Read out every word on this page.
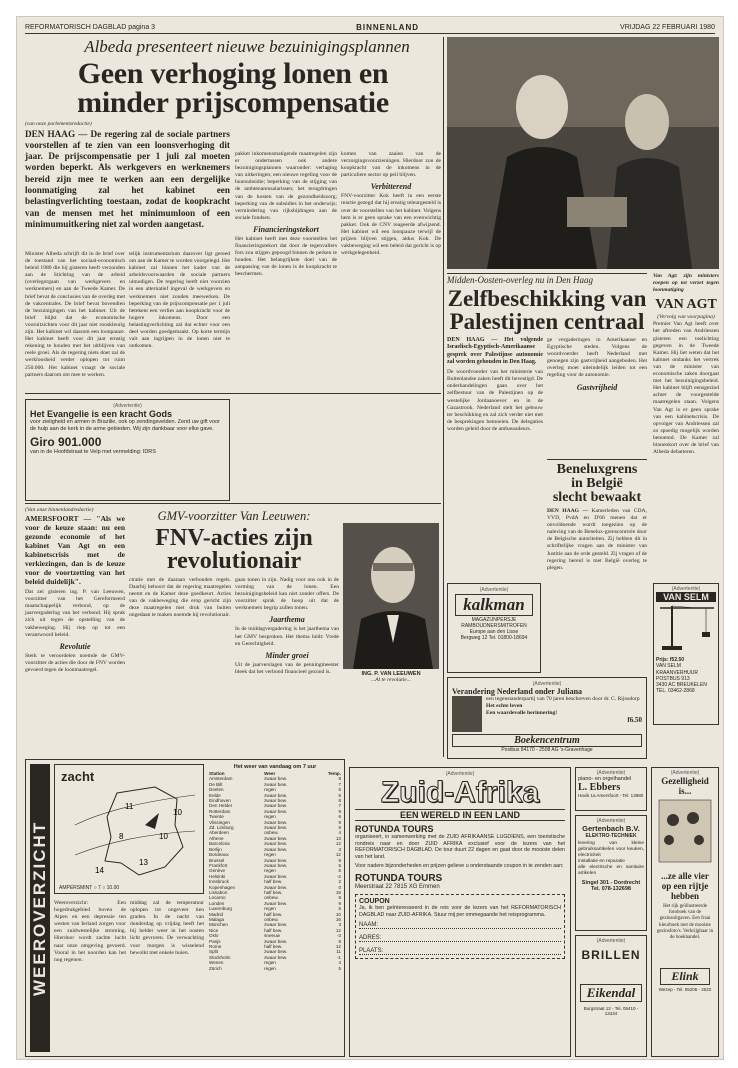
REFORMATORISCH DAGBLAD pagina 3	BINNENLAND	VRIJDAG 22 FEBRUARI 1980
Albeda presenteert nieuwe bezuinigingsplannen
Geen verhoging lonen en
minder prijscompensatie
(van onze parlementsredactie)
DEN HAAG — De regering zal de sociale partners voorstellen af te zien van een loonsverhoging dit jaar. De prijscompensatie per 1 juli zal moeten worden beperkt. Als werkgevers en werknemers bereid zijn mee te werken aan een dergelijke loonmatiging zal het kabinet een belastingverlichting toestaan, zodat de koopkracht van de mensen met het minimumloon of een minimumuitkering niet zal worden aangetast.
Minister Albeda schrijft dit in de brief over de toestand van het sociaal-economisch beleid 1980 die hij gisteren heeft verzonden aan de Stichting van de arbeid (overlegorgaan van werkgevers en werknemers) en aan de Tweede Kamer. De brief bevat de conclusies van de overleg met de vakcentrales. De brief bevat bovendien de bezuinigingen van het kabinet. Uit de brief blijkt dat de economische vooruitzichten voor dit jaar niet rooskleurig zijn. Het kabinet wil daarom een loonpauze. Het kabinet heeft voor dit jaar ernstig rekening te houden met het uitblijven van reele groei. Als de regering niets doet zal de werkloosheid verder oplopen tot ruim 250.000. Het kabinet vraagt de sociale partners daarom om mee te werken.
telijk instrumentarium daarover ligt gereed om aan de Kamer te worden voorgelegd. Het kabinet zal binnen het kader van de arbeidsvoorwaarden de sociale partners uitnodigen. De regering heeft niet voorzien in een alternatief ingeval de werkgevers en werknemers niet zouden meewerken. De beperking van de prijscompensatie per 1 juli betekent een verlies aan koopkracht voor de hogere inkomens. Door een belastingverlichting zal dat echter voor een deel worden goedgemaakt. Op korte termijn valt aan ingrijpen in de lonen niet te ontkomen.
pakket inkomensmatigende maatregelen zijn er ondertussen ook andere bezuinigingsplannen waaronder: verlaging van uitkeringen; een nieuwe regeling voor de huursubsidie; beperking van de stijging van de ambtenarensalarissen; het terugdringen van de kosten van de gezondheidszorg; beperking van de subsidies in het onderwijs; vermindering van rijksbijdragen aan de sociale fondsen.
Financieringstekort
Het kabinet heeft met deze voorstellen het financieringstekort dat door de tegenvallers fors zou stijgen gepoogd binnen de perken te houden. Het belangrijkste doel van de aanpassing van de lonen is de koopkracht te beschermen.
komen van zaaien van de verzorgingsvoorzieningen. Hierdoor zou de koopkracht van de inkomens in de particuliere sector op peil blijven.
Verbitterend
FNV-voorzitter Kok heeft in een eerste reactie gezegd dat hij ernstig teleurgesteld is over de voorstellen van het kabinet. Volgens hem is er geen sprake van een evenwichtig pakket. Ook de CNV reageerde afwijzend. Het kabinet wil een loonpauze terwijl de prijzen blijven stijgen, aldus Kok. De vakbeweging wil een beleid dat gericht is op werkgelegenheid.
(Advertentie)
Het Evangelie is een kracht Gods
voor zieligheid en armen in Brazilie, ook op zendingsvelden. Zend uw gift voor de hulp aan de kerk in de arme gebieden. Wij zijn dankbaar voor elke gave.
Giro 901.000
van in de Hoofdstraat te Velp met vermelding: IDRS
Midden-Oosten-overleg nu in Den Haag
Zelfbeschikking van
Palestijnen centraal
DEN HAAG — Het volgende Israelisch-Egyptisch-Amerikaanse gesprek over Palestijnse autonomie zal worden gehouden in Den Haag.
De woordvoerder van het ministerie van Buitenlandse zaken heeft dit bevestigd. De onderhandelingen gaan over het zelfbestuur van de Palestijnen op de westelijke Jordaanoever en in de Gazastrook. Nederland stelt het gebouw ter beschikking en zal zich verder niet met de besprekingen bemoeien. De delegaties worden geleid door de ambassadeurs.
ge vergaderingen in Amerikaanse en Egyptische steden. Volgens de woordvoerder heeft Nederland met genoegen zijn gastvrijheid aangeboden. Het overleg moet uiteindelijk leiden tot een regeling voor de autonomie.
Gastvrijheid
Beneluxgrens
in België
slecht bewaakt
DEN HAAG — Kamerleden van CDA, VVD, PvdA en D'66 menen dat er onvoldoende wordt toegezien op de naleving van de Benelux-grenscontrole door de Belgische autoriteiten. Zij hebben dit in schriftelijke vragen aan de minister van Justitie aan de orde gesteld. Zij vragen of de regering bereid is met België overleg te plegen.
Van Agt: zijn ministers roepen op tot verzet tegen loonmatiging
VAN AGT
(Vervolg van voorpagina)
Premier Van Agt heeft over het aftreden van Andriessen gisteren een toelichting gegeven in de Tweede Kamer. Hij liet weten dat het kabinet ondanks het vertrek van de minister van economische zaken doorgaat met het bezuinigingsbeleid. Het kabinet blijft eensgezind achter de voorgestelde maatregelen staan. Volgens Van Agt is er geen sprake van een kabinetscrisis. De opvolger van Andriessen zal zo spoedig mogelijk worden benoemd. De Kamer zal binnenkort over de brief van Albeda debatteren.
(Van onze binnenlandredactie)
AMERSFOORT — "Als we voor de keuze staan: nu een gezonde economie of het kabinet Van Agt en een kabinetscrisis met de verkiezingen, dan is de keuze voor de voortzetting van het beleid duidelijk".
Dat zei gisteren ing. P. van Leeuwen, voorzitter van het Gereformeerd maatschappelijk verbond, op de jaarvergadering van het verbond. Hij sprak zich uit tegen de opstelling van de vakbeweging. Hij riep op tot een verantwoord beleid.
Revolutie
Sterk te veroordelen noemde de GMV-voorzitter de acties die door de FNV worden gevoerd tegen de loonmaatregel.
GMV-voorzitter Van Leeuwen:
FNV-acties zijn
revolutionair
ctratie met de daaraan verbonden regels. Daarbij behoort dat de regering maatregelen neemt en de Kamer deze goedkeurt. Acties van de vakbeweging die erop gericht zijn deze maatregelen met druk van buiten ongedaan te maken noemde hij revolutionair.
gaan tonen in zijn. Nadig voor ons ook in de vorming van de lonen. Een bezuinigingsbeleid kan niet zonder offers. De voorzitter sprak de hoop uit dat de werknemers begrip zullen tonen.
Jaarthema
In de middagvergadering is het jaarthema van het GMV besproken. Het thema luidt: Vrede en Gerechtigheid.
Minder groei
Uit de jaarverslagen van de penningmeester bleek dat het verbond financieel gezond is.	ING. P. VAN LEEUWEN
...Al te revolutie...
(Advertentie)
kalkman
MAGAZIJNPERSJE
RAMBOUDNERSMITROFEN
Europe aan den Lisse
Bergweg 12 Tel. 01800-18694
(Advertentie)
VAN SELM
Prijs: f52.50
VAN SELM
KRAANVERHUUR
POSTBUS 913
3430 AC BREUKELEN
TEL. 03462-2868
(Advertentie)
Verandering Nederland onder Juliana
een tegenstanderpartij van 70 jaren beschreven door dr. C. Rijnsdorp
Het echte leven
Een waardevolle herinnering!
f6.50
Boekencentrum
Postbus 84170 - 2508 AG 's-Gravenhage
WEEROVERZICHT
zacht
11
10
13
8
10
14
AMPERSMINT ○ 7 ○ 10.00
Het weer van vandaag om 7 uur
Station	Weer	Temp.
Amsterdam	zwaar bew.	8
De Bilt	zwaar bew.	7
Deelen	regen	6
Eelde	zwaar bew.	6
Eindhoven	zwaar bew.	8
Den Helder	zwaar bew.	7
Rotterdam	zwaar bew.	9
Twente	regen	6
Vlissingen	zwaar bew.	9
Zd. Limburg	zwaar bew.	8
Aberdeen	onbew.	4
Athene	zwaar bew.	13
Barcelona	zwaar bew.	12
Berlijn	zwaar bew.	3
Bordeaux	regen	12
Brussel	zwaar bew.	9
Frankfort	zwaar bew.	5
Genève	regen	6
Helsinki	zwaar bew.	-2
Innsbruck	half bew.	2
Kopenhagen	zwaar bew.	0
Lissabon	half bew.	15
Locarno	onbew.	8
Londen	zwaar bew.	9
Luxemburg	regen	5
Madrid	half bew.	10
Malaga	onbew.	16
München	zwaar bew.	3
Nice	half bew.	12
Oslo	sneeuw	-3
Parijs	zwaar bew.	9
Rome	half bew.	12
Split	zwaar bew.	11
Stockholm	zwaar bew.	-1
Wenen	regen	4
Zürich	regen	5
Weeroverzicht: Een hogedrukgebied boven de Alpen en een depressie ten westen van Ierland zorgen voor een zuidwestelijke stroming. Hierdoor wordt zachte lucht naar onze omgeving gevoerd. Vooral in het noorden kan het nog regenen.
middag zal de temperatuur oplopen tot ongeveer tien graden. In de nacht van donderdag op vrijdag heeft het bij helder weer in het oosten licht gevroren. De verwachting voor morgen is wisselend bewolkt met enkele buien.
(Advertentie)
Zuid-Afrika
EEN WERELD IN EEN LAND
ROTUNDA TOURS
organiseert, in samenwerking met de ZUID AFRIKAANSE LUGDIENS, een toeristische rondreis naar en door ZUID AFRIKA exclusief voor de lezers van het REFORMATORISCH DAGBLAD. De tour duurt 22 dagen en gaat door de mooiste delen van het land.
Voor nadere bijzonderheden en prijzen gelieve u onderstaande coupon in te zenden aan:
ROTUNDA TOURS
Meerstraat 22 7815 XG Emmen
COUPON
Ja, ik ben geïnteresseerd in de reis voor de lezers van het REFORMATORISCH DAGBLAD naar ZUID-AFRIKA. Stuur mij per ommegaande het reisprogramma.
NAAM:
ADRES:
PLAATS:
(Advertentie)
piano- en orgelhandel
L. Ebbers
Havik 1a Amersfoort - Tel. 13980
(Advertentie)
Gertenbach B.V.
ELEKTRO-TECHNIEK
levering van kleine gebruiksartikelen voor keuken, electriciteit
installatie en reparatie
alle electrische en sanitaire artikelen
Singel 301 - Dordrecht
Tel. 078-132698
(Advertentie)
BRILLEN
Eikendal
Burgstraat 12 - Tel. 05410 - 13434
(Advertentie)
Gezelligheid is...
...ze alle vier
op een rijtje
hebben
Het rijk geïllustreerde fotoboek van de gezinsuitgaven. Een fraai kleurboek met de mooiste gezinsfoto's. Verkrijgbaar in de boekhandel.
Elink
Wezep - Tel. 05206 - 2522
